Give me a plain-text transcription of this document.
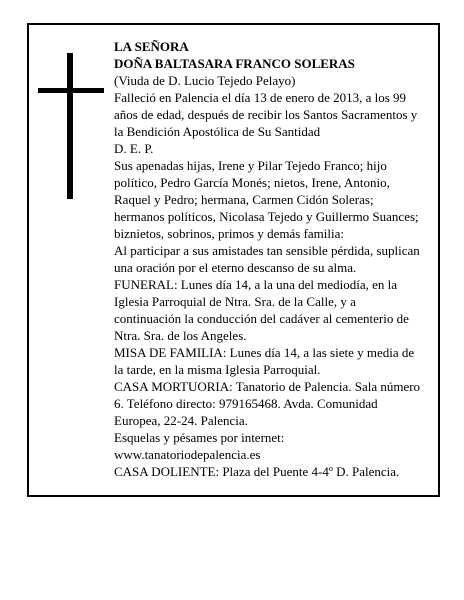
LA SEÑORA

DOÑA BALTASARA FRANCO SOLERAS

(Viuda de D. Lucio Tejedo Pelayo)

Falleció en Palencia el día 13 de enero de 2013, a los 99 años de edad, después de recibir los Santos Sacramentos y la Bendición Apostólica de Su Santidad

D. E. P.

Sus apenadas hijas, Irene y Pilar Tejedo Franco; hijo político, Pedro García Monés; nietos, Irene, Antonio, Raquel y Pedro; hermana, Carmen Cidón Soleras; hermanos políticos, Nicolasa Tejedo y Guillermo Suances; biznietos, sobrinos, primos y demás familia:

Al participar a sus amistades tan sensible pérdida, suplican una oración por el eterno descanso de su alma.

FUNERAL: Lunes día 14, a la una del mediodía, en la Iglesia Parroquial de Ntra. Sra. de la Calle, y a continuación la conducción del cadáver al cementerio de Ntra. Sra. de los Angeles.

MISA DE FAMILIA: Lunes día 14, a las siete y media de la tarde, en la misma Iglesia Parroquial.

CASA MORTUORIA: Tanatorio de Palencia. Sala número 6. Teléfono directo: 979165468. Avda. Comunidad Europea, 22-24. Palencia.

Esquelas y pésames por internet:

www.tanatoriodepalencia.es

CASA DOLIENTE: Plaza del Puente 4-4º D. Palencia.
